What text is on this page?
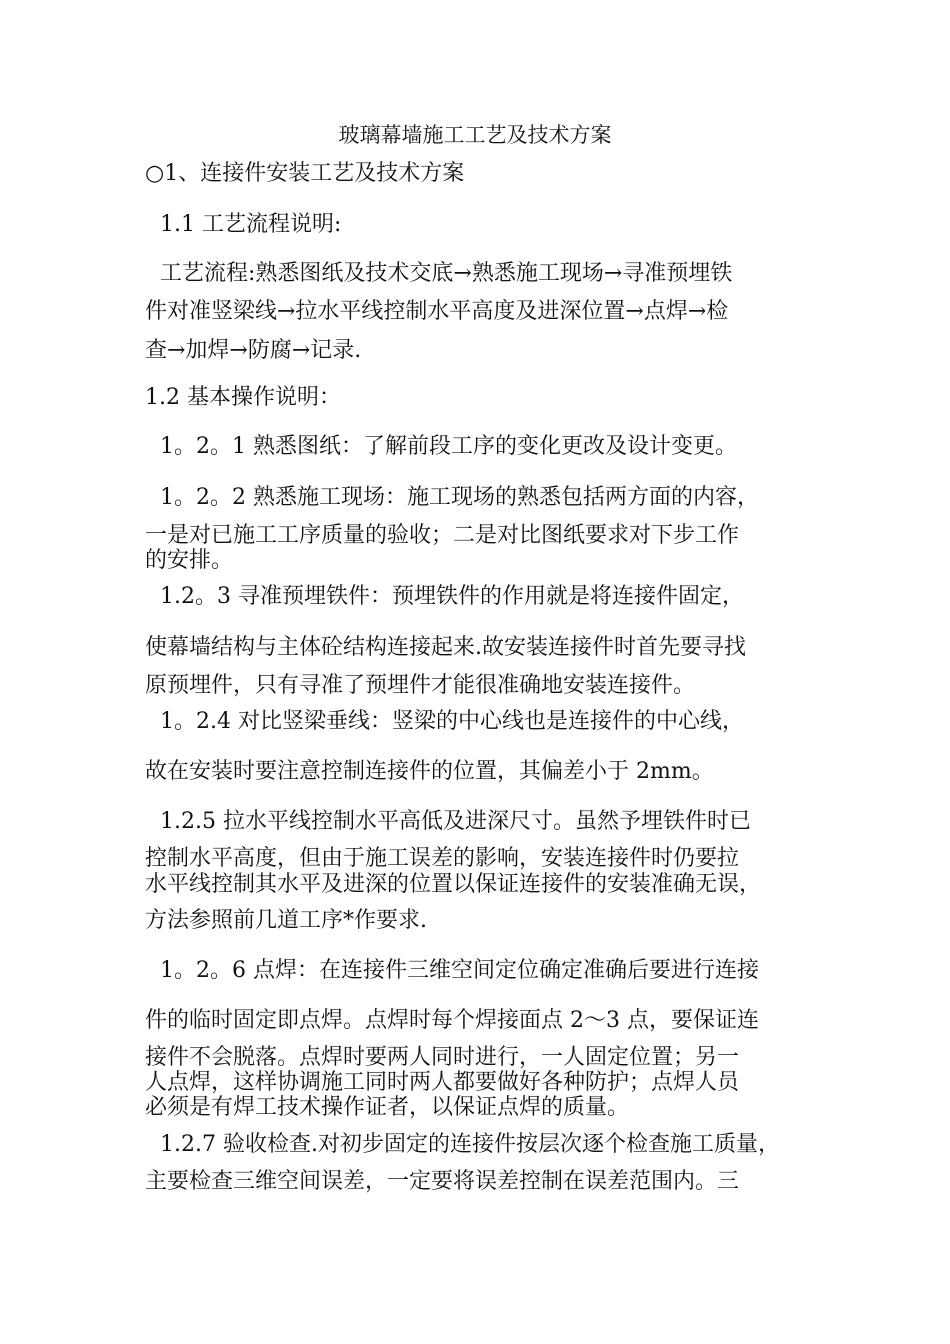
玻璃幕墙施工工艺及技术方案
○1、连接件安装工艺及技术方案
1.1 工艺流程说明:
工艺流程:熟悉图纸及技术交底→熟悉施工现场→寻准预埋铁
件对准竖梁线→拉水平线控制水平高度及进深位置→点焊→检
查→加焊→防腐→记录.
1.2 基本操作说明：
1。2。1 熟悉图纸：了解前段工序的变化更改及设计变更。
1。2。2 熟悉施工现场：施工现场的熟悉包括两方面的内容，
一是对已施工工序质量的验收；二是对比图纸要求对下步工作
的安排。
1.2。3 寻准预埋铁件：预埋铁件的作用就是将连接件固定，
使幕墙结构与主体砼结构连接起来.故安装连接件时首先要寻找
原预埋件，只有寻准了预埋件才能很准确地安装连接件。
1。2.4 对比竖梁垂线：竖梁的中心线也是连接件的中心线，
故在安装时要注意控制连接件的位置，其偏差小于 2mm。
1.2.5 拉水平线控制水平高低及进深尺寸。虽然予埋铁件时已
控制水平高度，但由于施工误差的影响，安装连接件时仍要拉
水平线控制其水平及进深的位置以保证连接件的安装准确无误，
方法参照前几道工序*作要求.
1。2。6 点焊：在连接件三维空间定位确定准确后要进行连接
件的临时固定即点焊。点焊时每个焊接面点 2～3 点，要保证连
接件不会脱落。点焊时要两人同时进行，一人固定位置；另一
人点焊，这样协调施工同时两人都要做好各种防护；点焊人员
必须是有焊工技术操作证者，以保证点焊的质量。
1.2.7 验收检查.对初步固定的连接件按层次逐个检查施工质量，
主要检查三维空间误差，一定要将误差控制在误差范围内。三
